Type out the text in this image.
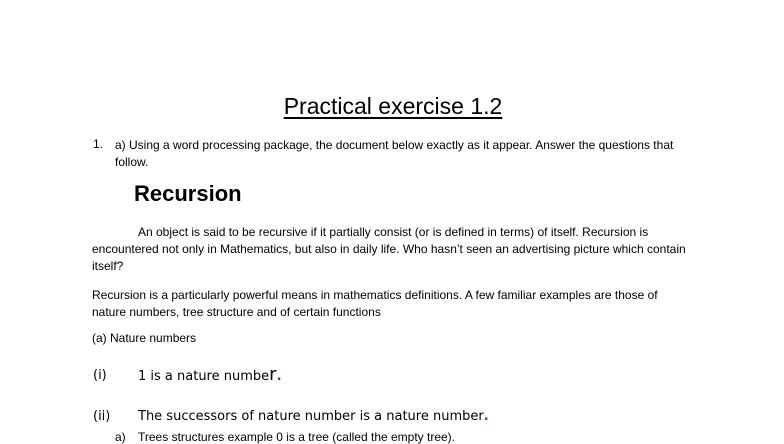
Practical exercise 1.2
1. a) Using a word processing package, the document below exactly as it appear. Answer the questions that follow.
Recursion
An object is said to be recursive if it partially consist (or is defined in terms) of itself. Recursion is encountered not only in Mathematics, but also in daily life. Who hasn’t seen an advertising picture which contain itself?
Recursion is a particularly powerful means in mathematics definitions. A few familiar examples are those of nature numbers, tree structure and of certain functions
(a) Nature numbers
(i) 1 is a nature number.
(ii) The successors of nature number is a nature number.
a) Trees structures example 0 is a tree (called the empty tree).
